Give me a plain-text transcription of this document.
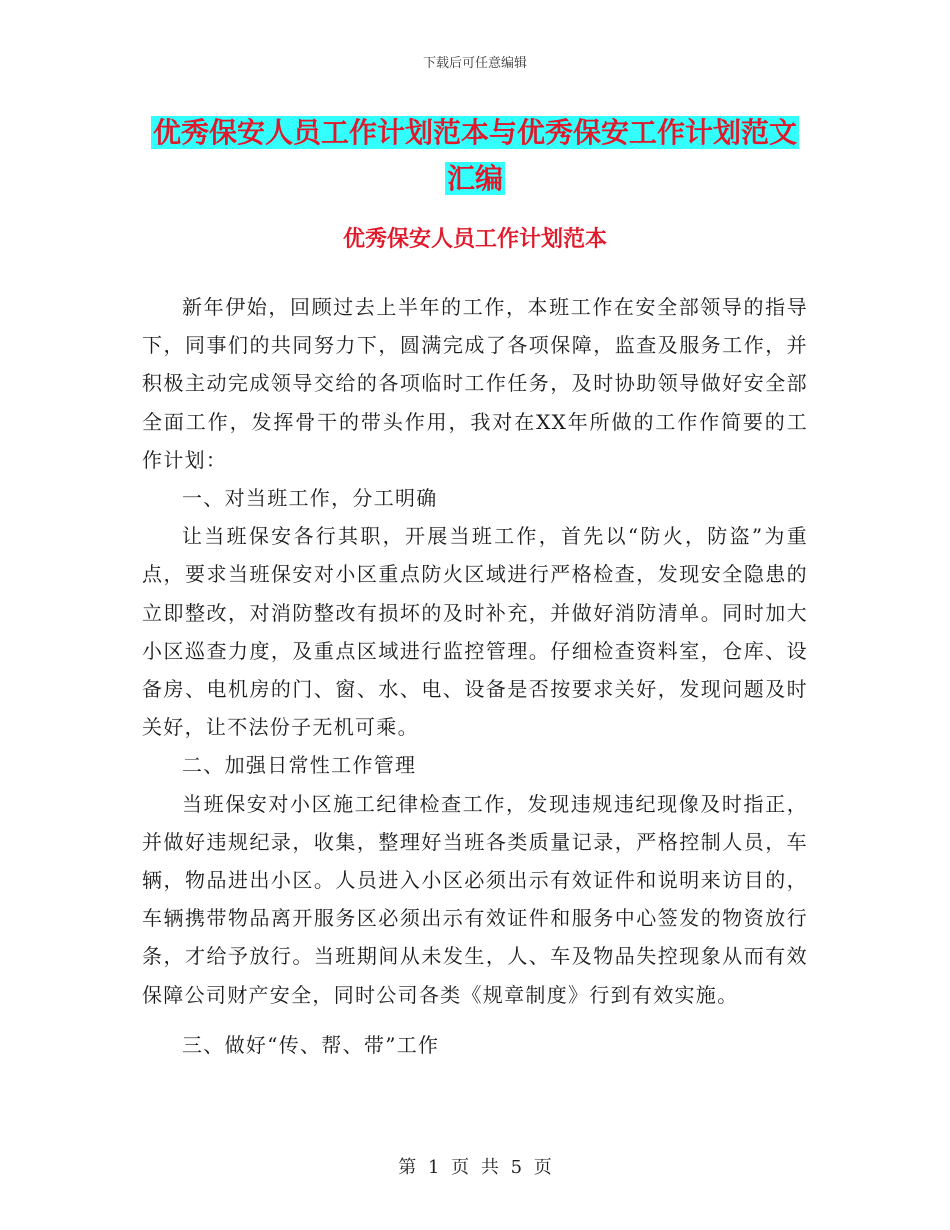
下载后可任意编辑
优秀保安人员工作计划范本与优秀保安工作计划范文
汇编
优秀保安人员工作计划范本

新年伊始，回顾过去上半年的工作，本班工作在安全部领导的指导下，同事们的共同努力下，圆满完成了各项保障，监查及服务工作，并积极主动完成领导交给的各项临时工作任务，及时协助领导做好安全部全面工作，发挥骨干的带头作用，我对在XX年所做的工作作简要的工作计划：

一、对当班工作，分工明确

让当班保安各行其职，开展当班工作，首先以“防火，防盗”为重点，要求当班保安对小区重点防火区域进行严格检查，发现安全隐患的立即整改，对消防整改有损坏的及时补充，并做好消防清单。同时加大小区巡查力度，及重点区域进行监控管理。仔细检查资料室，仓库、设备房、电机房的门、窗、水、电、设备是否按要求关好，发现问题及时关好，让不法份子无机可乘。

二、加强日常性工作管理

当班保安对小区施工纪律检查工作，发现违规违纪现像及时指正，并做好违规纪录，收集，整理好当班各类质量记录，严格控制人员，车辆，物品进出小区。人员进入小区必须出示有效证件和说明来访目的，车辆携带物品离开服务区必须出示有效证件和服务中心签发的物资放行条，才给予放行。当班期间从未发生，人、车及物品失控现象从而有效保障公司财产安全，同时公司各类《规章制度》行到有效实施。

三、做好“传、帮、带”工作

第 1 页 共 5 页
